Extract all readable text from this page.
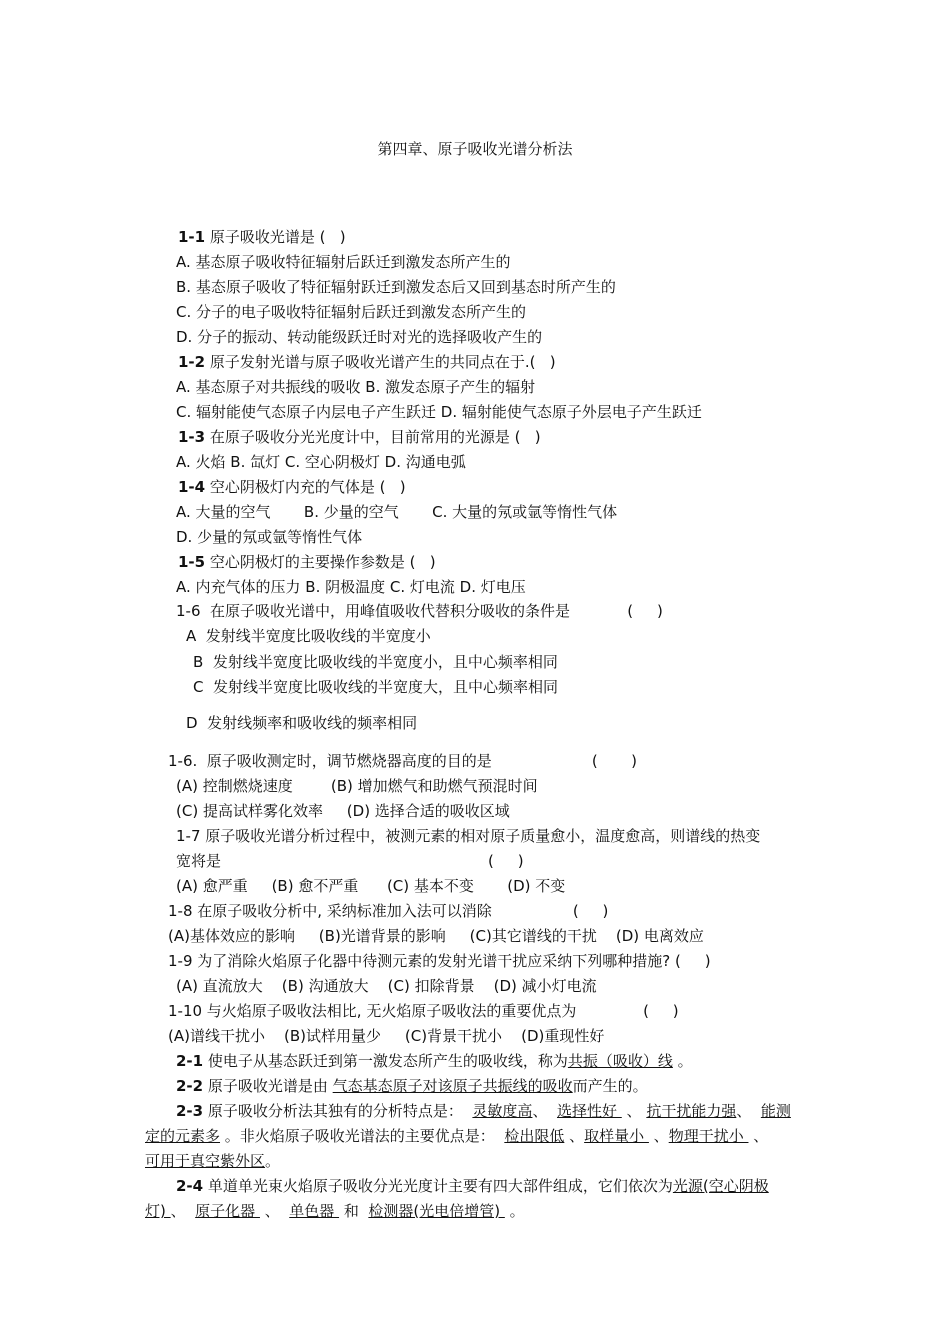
第四章、原子吸收光谱分析法
1-1 原子吸收光谱是 (   )
A. 基态原子吸收特征辐射后跃迁到激发态所产生的
B. 基态原子吸收了特征辐射跃迁到激发态后又回到基态时所产生的
C. 分子的电子吸收特征辐射后跃迁到激发态所产生的
D. 分子的振动、转动能级跃迁时对光的选择吸收产生的
1-2 原子发射光谱与原子吸收光谱产生的共同点在于.(   )
A. 基态原子对共振线的吸收 B. 激发态原子产生的辐射
C. 辐射能使气态原子内层电子产生跃迁 D. 辐射能使气态原子外层电子产生跃迁
1-3 在原子吸收分光光度计中，目前常用的光源是 (   )
A. 火焰 B. 氙灯 C. 空心阴极灯 D. 沟通电弧
1-4 空心阴极灯内充的气体是 (   )
A. 大量的空气       B. 少量的空气       C. 大量的氖或氩等惰性气体
D. 少量的氖或氩等惰性气体
1-5 空心阴极灯的主要操作参数是 (   )
A. 内充气体的压力 B. 阴极温度 C. 灯电流 D. 灯电压
1-6  在原子吸收光谱中，用峰值吸收代替积分吸收的条件是            (     )
A  发射线半宽度比吸收线的半宽度小
B  发射线半宽度比吸收线的半宽度小，且中心频率相同
C  发射线半宽度比吸收线的半宽度大，且中心频率相同
D  发射线频率和吸收线的频率相同
1-6.  原子吸收测定时，调节燃烧器高度的目的是                     (       )
(A) 控制燃烧速度        (B) 增加燃气和助燃气预混时间
(C) 提高试样雾化效率     (D) 选择合适的吸收区域
1-7 原子吸收光谱分析过程中，被测元素的相对原子质量愈小，温度愈高，则谱线的热变
宽将是                                                        (     )
(A) 愈严重     (B) 愈不严重      (C) 基本不变       (D) 不变
1-8 在原子吸收分析中, 采纳标准加入法可以消除                 (     )
(A)基体效应的影响     (B)光谱背景的影响     (C)其它谱线的干扰    (D) 电离效应
1-9 为了消除火焰原子化器中待测元素的发射光谱干扰应采纳下列哪种措施? (     )
(A) 直流放大    (B) 沟通放大    (C) 扣除背景    (D) 减小灯电流
1-10 与火焰原子吸收法相比, 无火焰原子吸收法的重要优点为              (     )
(A)谱线干扰小    (B)试样用量少     (C)背景干扰小    (D)重现性好
2-1 使电子从基态跃迁到第一激发态所产生的吸收线，称为共振（吸收）线 。
2-2 原子吸收光谱是由 气态基态原子对该原子共振线的吸收而产生的。
2-3 原子吸收分析法其独有的分析特点是：  灵敏度高、  选择性好  、 抗干扰能力强、  能测
定的元素多 。非火焰原子吸收光谱法的主要优点是：  检出限低 、取样量小  、物理干扰小  、
可用于真空紫外区。
2-4 单道单光束火焰原子吸收分光光度计主要有四大部件组成，它们依次为光源(空心阴极
灯) 、  原子化器  、  单色器  和  检测器(光电倍增管)  。
